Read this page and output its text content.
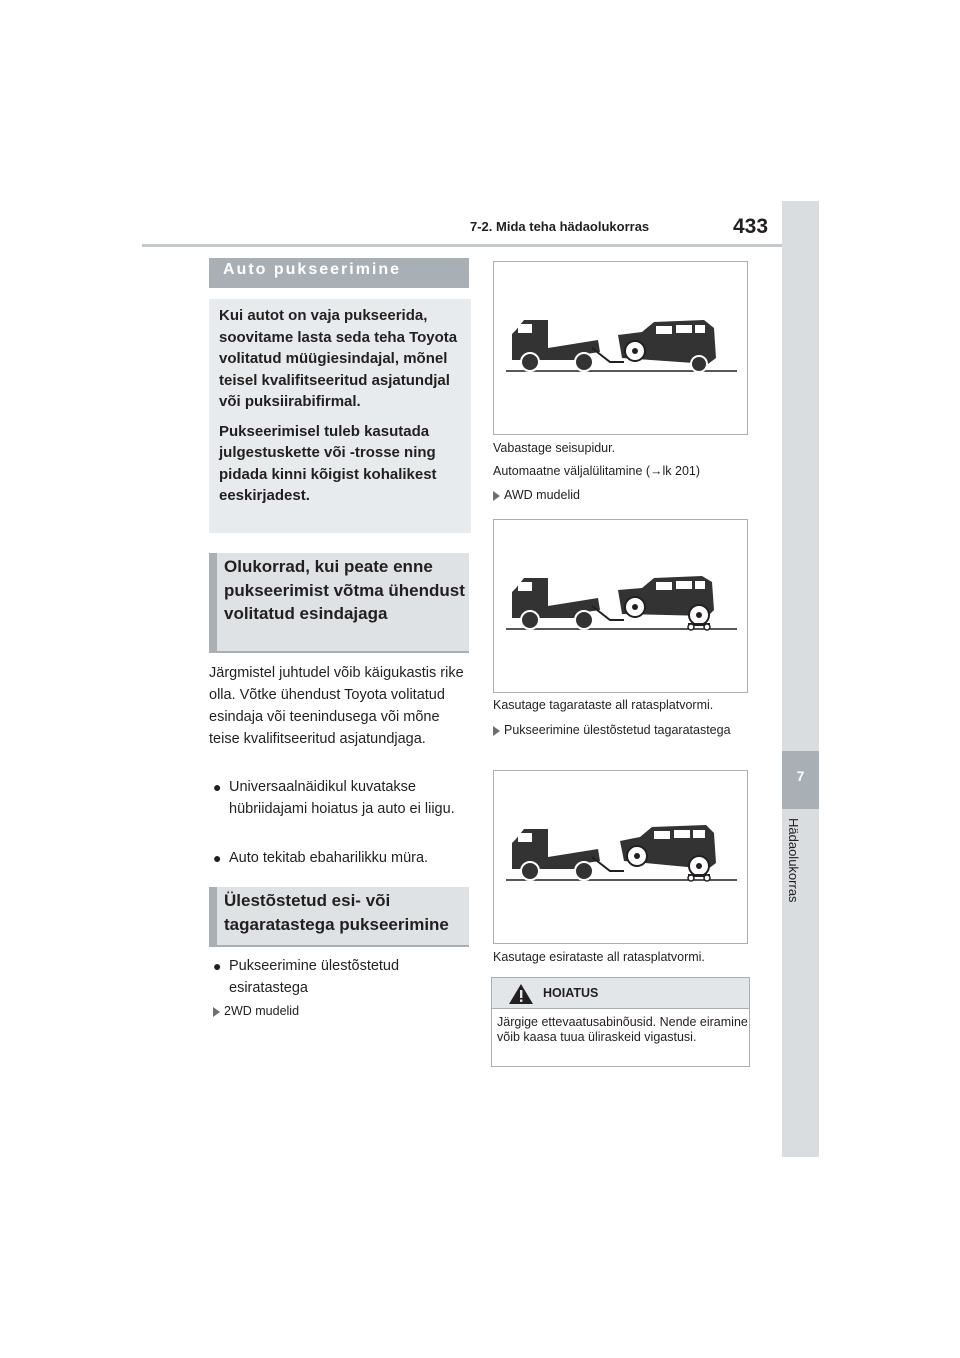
7-2. Mida teha hädaolukorras	433
7
Hädaolukorras
Auto pukseerimine

Kui autot on vaja pukseerida, soovitame lasta seda teha Toyota volitatud müügiesindajal, mõnel teisel kvalifitseeritud asjatundjal või puksiirabifirmal.

Pukseerimisel tuleb kasutada julgestuskette või -trosse ning pidada kinni kõigist kohalikest eeskirjadest.

Olukorrad, kui peate enne pukseerimist võtma ühendust volitatud esindajaga
Järgmistel juhtudel võib käigukastis rike olla. Võtke ühendust Toyota volitatud esindaja või teenindusega või mõne teise kvalifitseeritud asjatundjaga.
● Universaalnäidikul kuvatakse hübriidajami hoiatus ja auto ei liigu.
● Auto tekitab ebaharilikku müra.
Ülestõstetud esi- või tagaratastega pukseerimine
● Pukseerimine ülestõstetud esiratastega
2WD mudelid
Vabastage seisupidur.
Automaatne väljalülitamine (→lk 201)
AWD mudelid
Kasutage tagarataste all ratasplatvormi.
Pukseerimine ülestõstetud tagaratastega
Kasutage esirataste all ratasplatvormi.
HOIATUS
Järgige ettevaatusabinõusid. Nende eiramine võib kaasa tuua üliraskeid vigastusi.
